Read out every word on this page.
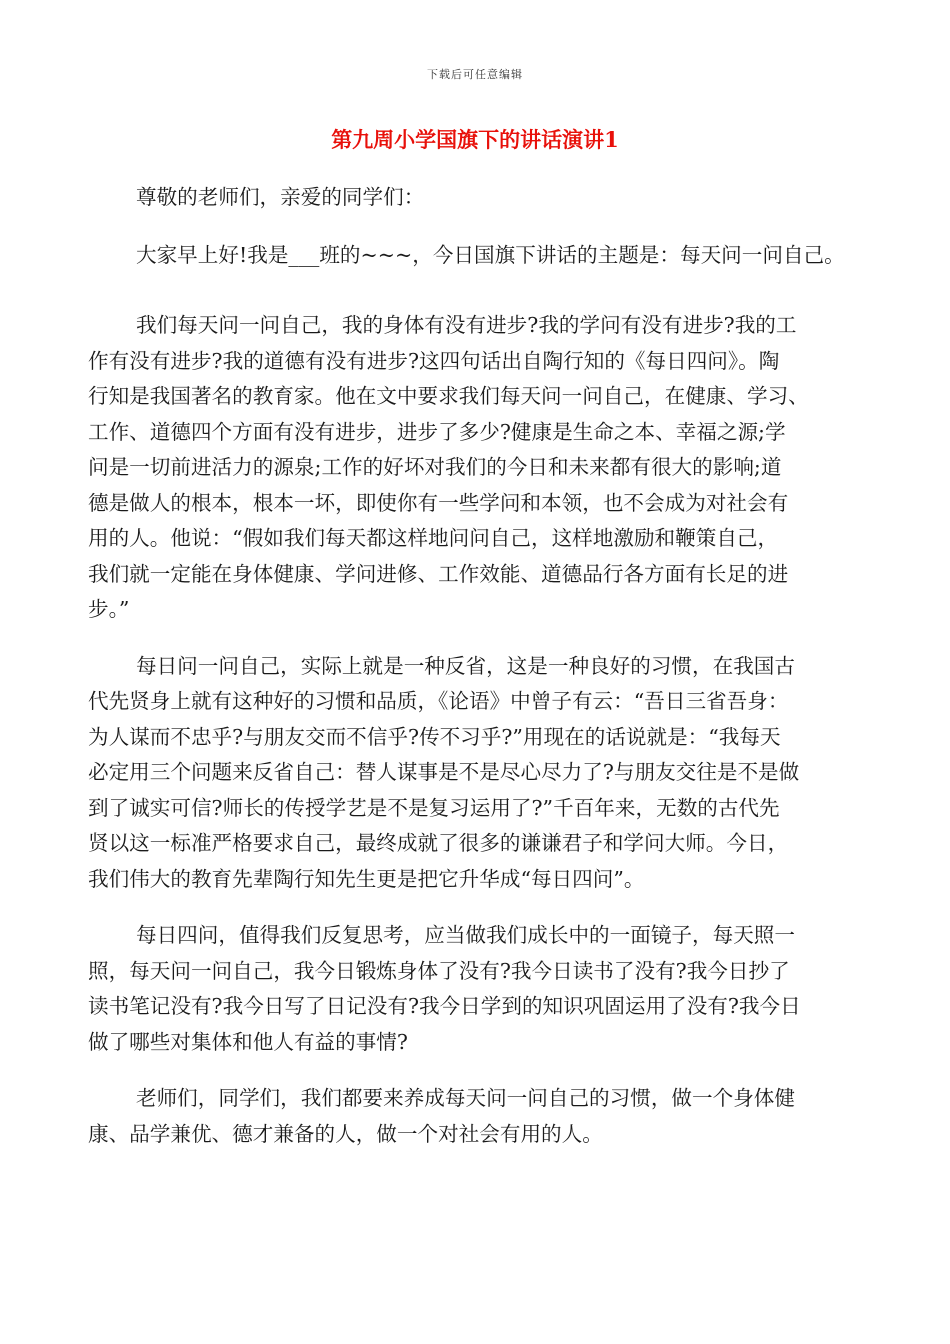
下载后可任意编辑
第九周小学国旗下的讲话演讲1

尊敬的老师们，亲爱的同学们：

大家早上好!我是___班的~~~，今日国旗下讲话的主题是：每天问一问自己。

我们每天问一问自己，我的身体有没有进步?我的学问有没有进步?我的工
作有没有进步?我的道德有没有进步?这四句话出自陶行知的《每日四问》。陶
行知是我国著名的教育家。他在文中要求我们每天问一问自己，在健康、学习、
工作、道德四个方面有没有进步，进步了多少?健康是生命之本、幸福之源;学
问是一切前进活力的源泉;工作的好坏对我们的今日和未来都有很大的影响;道
德是做人的根本，根本一坏，即使你有一些学问和本领，也不会成为对社会有
用的人。他说：“假如我们每天都这样地问问自己，这样地激励和鞭策自己，
我们就一定能在身体健康、学问进修、工作效能、道德品行各方面有长足的进
步。”

每日问一问自己，实际上就是一种反省，这是一种良好的习惯，在我国古
代先贤身上就有这种好的习惯和品质，《论语》中曾子有云：“吾日三省吾身：
为人谋而不忠乎?与朋友交而不信乎?传不习乎?”用现在的话说就是：“我每天
必定用三个问题来反省自己：替人谋事是不是尽心尽力了?与朋友交往是不是做
到了诚实可信?师长的传授学艺是不是复习运用了?”千百年来，无数的古代先
贤以这一标准严格要求自己，最终成就了很多的谦谦君子和学问大师。今日，
我们伟大的教育先辈陶行知先生更是把它升华成“每日四问”。

每日四问，值得我们反复思考，应当做我们成长中的一面镜子，每天照一
照，每天问一问自己，我今日锻炼身体了没有?我今日读书了没有?我今日抄了
读书笔记没有?我今日写了日记没有?我今日学到的知识巩固运用了没有?我今日
做了哪些对集体和他人有益的事情?

老师们，同学们，我们都要来养成每天问一问自己的习惯，做一个身体健
康、品学兼优、德才兼备的人，做一个对社会有用的人。
